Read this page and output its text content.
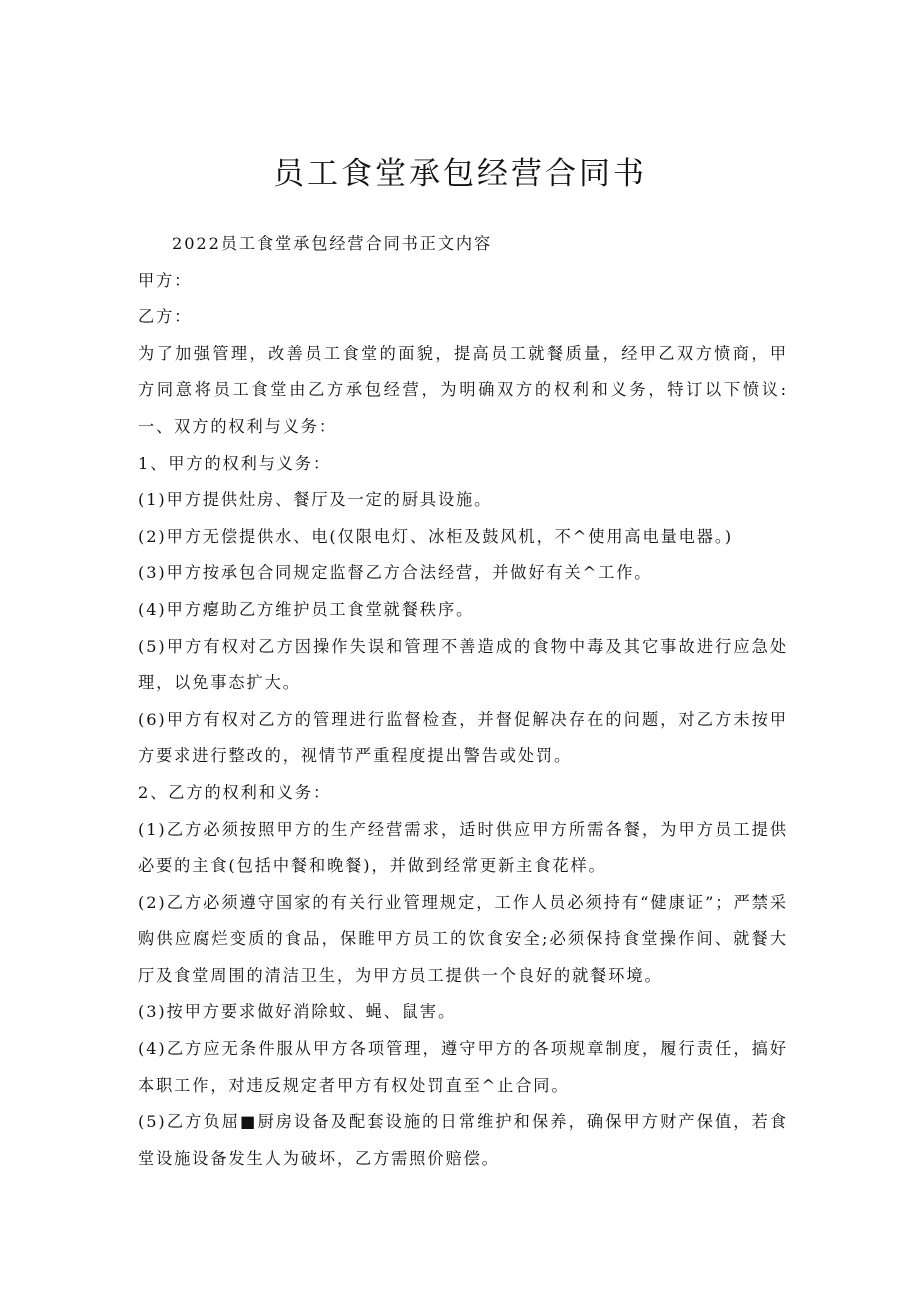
员工食堂承包经营合同书

2022员工食堂承包经营合同书正文内容

甲方：

乙方：

为了加强管理，改善员工食堂的面貌，提高员工就餐质量，经甲乙双方愤商，甲方同意将员工食堂由乙方承包经营，为明确双方的权利和义务，特订以下愤议:一、双方的权利与义务：

1、甲方的权利与义务：

(1)甲方提供灶房、餐厅及一定的厨具设施。

(2)甲方无偿提供水、电(仅限电灯、冰柜及鼓风机，不^使用高电量电器。)

(3)甲方按承包合同规定监督乙方合法经营，并做好有关^工作。

(4)甲方瘪助乙方维护员工食堂就餐秩序。

(5)甲方有权对乙方因操作失误和管理不善造成的食物中毒及其它事故进行应急处理，以免事态扩大。

(6)甲方有权对乙方的管理进行监督检查，并督促解决存在的问题，对乙方未按甲方要求进行整改的，视情节严重程度提出警告或处罚。

2、乙方的权利和义务：

(1)乙方必须按照甲方的生产经营需求，适时供应甲方所需各餐，为甲方员工提供必要的主食(包括中餐和晚餐)，并做到经常更新主食花样。

(2)乙方必须遵守国家的有关行业管理规定，工作人员必须持有“健康证”；严禁采购供应腐烂变质的食品，保睢甲方员工的饮食安全;必须保持食堂操作间、就餐大厅及食堂周围的清洁卫生，为甲方员工提供一个良好的就餐环境。

(3)按甲方要求做好消除蚊、蝇、鼠害。

(4)乙方应无条件服从甲方各项管理，遵守甲方的各项规章制度，履行责任，搞好本职工作，对违反规定者甲方有权处罚直至^止合同。

(5)乙方负屈■厨房设备及配套设施的日常维护和保养，确保甲方财产保值，若食堂设施设备发生人为破坏，乙方需照价赔偿。
